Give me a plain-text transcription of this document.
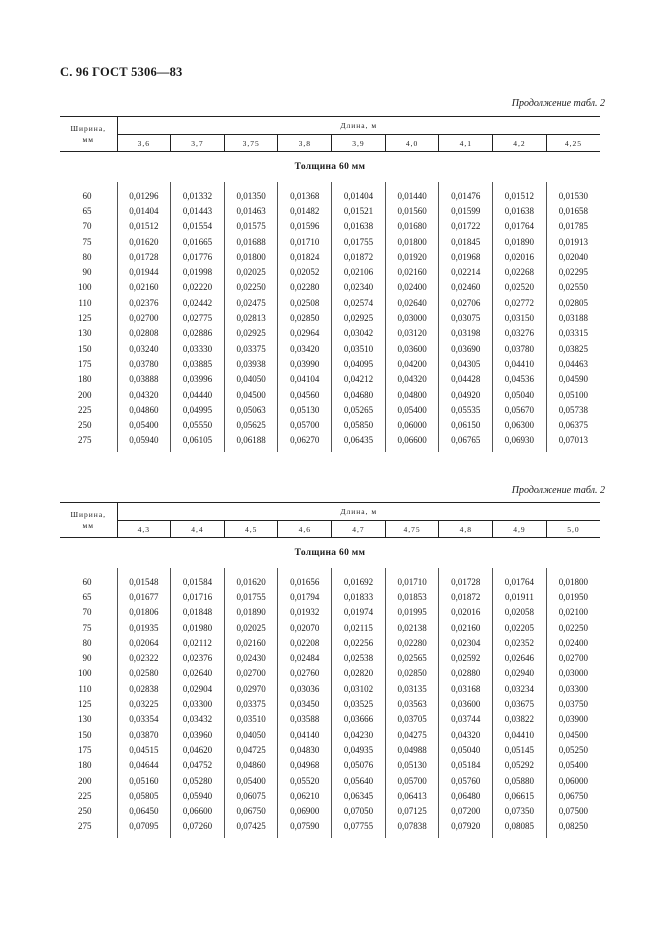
С. 96 ГОСТ 5306—83
Продолжение табл. 2
Ширина,
мм	Длина, м								
	3,6	3,7	3,75	3,8	3,9	4,0	4,1	4,2	4,25
Толщина 60 мм									

60	0,01296	0,01332	0,01350	0,01368	0,01404	0,01440	0,01476	0,01512	0,01530
65	0,01404	0,01443	0,01463	0,01482	0,01521	0,01560	0,01599	0,01638	0,01658
70	0,01512	0,01554	0,01575	0,01596	0,01638	0,01680	0,01722	0,01764	0,01785
75	0,01620	0,01665	0,01688	0,01710	0,01755	0,01800	0,01845	0,01890	0,01913
80	0,01728	0,01776	0,01800	0,01824	0,01872	0,01920	0,01968	0,02016	0,02040
90	0,01944	0,01998	0,02025	0,02052	0,02106	0,02160	0,02214	0,02268	0,02295
100	0,02160	0,02220	0,02250	0,02280	0,02340	0,02400	0,02460	0,02520	0,02550
110	0,02376	0,02442	0,02475	0,02508	0,02574	0,02640	0,02706	0,02772	0,02805
125	0,02700	0,02775	0,02813	0,02850	0,02925	0,03000	0,03075	0,03150	0,03188
130	0,02808	0,02886	0,02925	0,02964	0,03042	0,03120	0,03198	0,03276	0,03315
150	0,03240	0,03330	0,03375	0,03420	0,03510	0,03600	0,03690	0,03780	0,03825
175	0,03780	0,03885	0,03938	0,03990	0,04095	0,04200	0,04305	0,04410	0,04463
180	0,03888	0,03996	0,04050	0,04104	0,04212	0,04320	0,04428	0,04536	0,04590
200	0,04320	0,04440	0,04500	0,04560	0,04680	0,04800	0,04920	0,05040	0,05100
225	0,04860	0,04995	0,05063	0,05130	0,05265	0,05400	0,05535	0,05670	0,05738
250	0,05400	0,05550	0,05625	0,05700	0,05850	0,06000	0,06150	0,06300	0,06375
275	0,05940	0,06105	0,06188	0,06270	0,06435	0,06600	0,06765	0,06930	0,07013
Продолжение табл. 2
Ширина,
мм	Длина, м								
	4,3	4,4	4,5	4,6	4,7	4,75	4,8	4,9	5,0
Толщина 60 мм									

60	0,01548	0,01584	0,01620	0,01656	0,01692	0,01710	0,01728	0,01764	0,01800
65	0,01677	0,01716	0,01755	0,01794	0,01833	0,01853	0,01872	0,01911	0,01950
70	0,01806	0,01848	0,01890	0,01932	0,01974	0,01995	0,02016	0,02058	0,02100
75	0,01935	0,01980	0,02025	0,02070	0,02115	0,02138	0,02160	0,02205	0,02250
80	0,02064	0,02112	0,02160	0,02208	0,02256	0,02280	0,02304	0,02352	0,02400
90	0,02322	0,02376	0,02430	0,02484	0,02538	0,02565	0,02592	0,02646	0,02700
100	0,02580	0,02640	0,02700	0,02760	0,02820	0,02850	0,02880	0,02940	0,03000
110	0,02838	0,02904	0,02970	0,03036	0,03102	0,03135	0,03168	0,03234	0,03300
125	0,03225	0,03300	0,03375	0,03450	0,03525	0,03563	0,03600	0,03675	0,03750
130	0,03354	0,03432	0,03510	0,03588	0,03666	0,03705	0,03744	0,03822	0,03900
150	0,03870	0,03960	0,04050	0,04140	0,04230	0,04275	0,04320	0,04410	0,04500
175	0,04515	0,04620	0,04725	0,04830	0,04935	0,04988	0,05040	0,05145	0,05250
180	0,04644	0,04752	0,04860	0,04968	0,05076	0,05130	0,05184	0,05292	0,05400
200	0,05160	0,05280	0,05400	0,05520	0,05640	0,05700	0,05760	0,05880	0,06000
225	0,05805	0,05940	0,06075	0,06210	0,06345	0,06413	0,06480	0,06615	0,06750
250	0,06450	0,06600	0,06750	0,06900	0,07050	0,07125	0,07200	0,07350	0,07500
275	0,07095	0,07260	0,07425	0,07590	0,07755	0,07838	0,07920	0,08085	0,08250
